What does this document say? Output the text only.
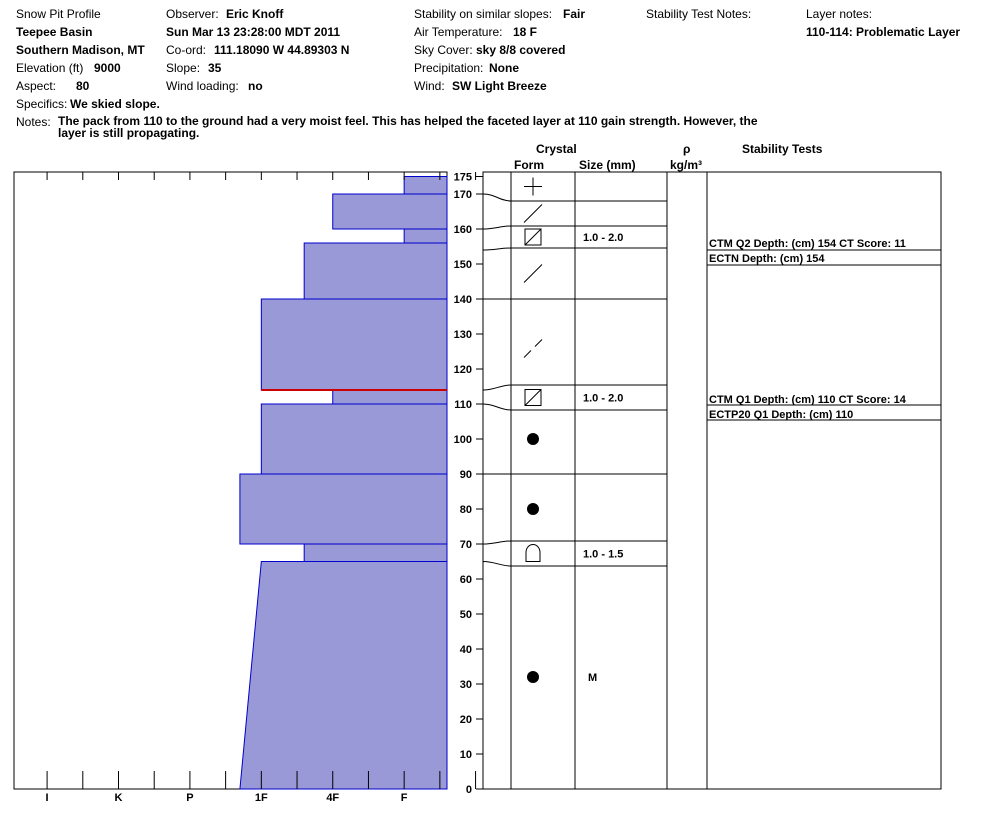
Snow Pit Profile
Teepee Basin
Southern Madison, MT
Elevation (ft) 9000
Aspect: 80
Specifics: We skied slope.
Observer: Eric Knoff
Sun Mar 13 23:28:00 MDT 2011
Co-ord: 111.18090 W 44.89303 N
Slope: 35
Wind loading: no
Stability on similar slopes: Fair
Air Temperature: 18 F
Sky Cover: sky 8/8 covered
Precipitation: None
Wind: SW Light Breeze
Stability Test Notes:	Layer notes:
110-114: Problematic Layer
Notes: The pack from 110 to the ground had a very moist feel. This has helped the faceted layer at 110 gain strength. However, the layer is still propagating.
Crystal
Form	Size (mm)
ρ
kg/m³
Stability Tests
I	K	P	1F	4F	F
0
10
20
30
40
50
60
70
80
90
100
110
120
130
140
150
160
170
175
1.0 - 2.0
1.0 - 2.0
1.0 - 1.5
M
CTM Q2 Depth: (cm) 154 CT Score: 11
ECTN Depth: (cm) 154
CTM Q1 Depth: (cm) 110 CT Score: 14
ECTP20 Q1 Depth: (cm) 110
